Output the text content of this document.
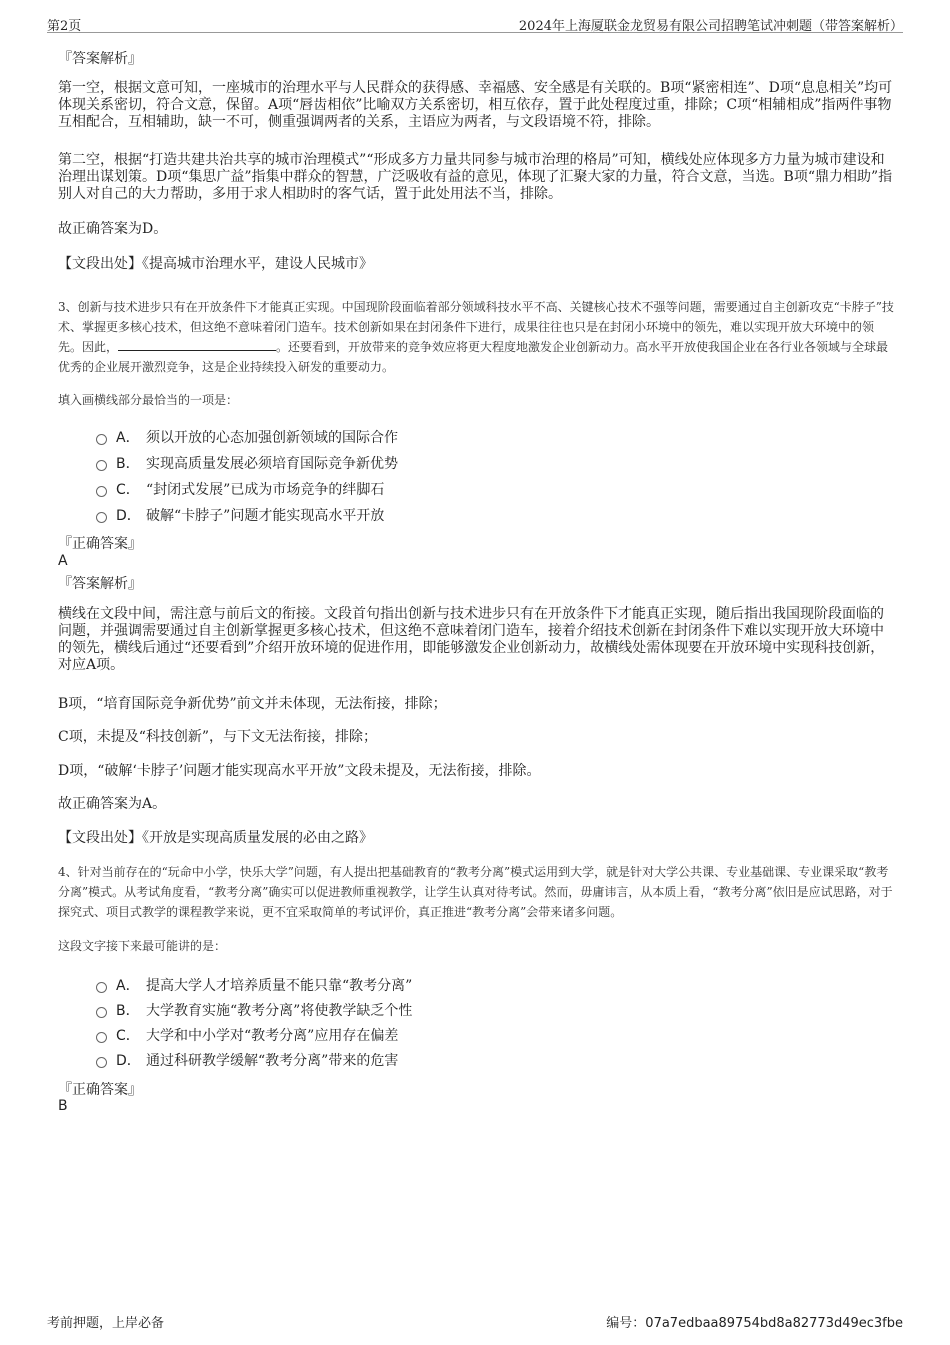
第2页	2024年上海厦联金龙贸易有限公司招聘笔试冲刺题（带答案解析）
『答案解析』
第一空，根据文意可知，一座城市的治理水平与人民群众的获得感、幸福感、安全感是有关联的。B项“紧密相连”、D项“息息相关”均可体现关系密切，符合文意，保留。A项“唇齿相依”比喻双方关系密切，相互依存，置于此处程度过重，排除；C项“相辅相成”指两件事物互相配合，互相辅助，缺一不可，侧重强调两者的关系，主语应为两者，与文段语境不符，排除。
第二空，根据“打造共建共治共享的城市治理模式”“形成多方力量共同参与城市治理的格局”可知，横线处应体现多方力量为城市建设和治理出谋划策。D项“集思广益”指集中群众的智慧，广泛吸收有益的意见，体现了汇聚大家的力量，符合文意，当选。B项“鼎力相助”指别人对自己的大力帮助，多用于求人相助时的客气话，置于此处用法不当，排除。
故正确答案为D。
【文段出处】《提高城市治理水平，建设人民城市》
3、创新与技术进步只有在开放条件下才能真正实现。中国现阶段面临着部分领域科技水平不高、关键核心技术不强等问题，需要通过自主创新攻克“卡脖子”技术、掌握更多核心技术，但这绝不意味着闭门造车。技术创新如果在封闭条件下进行，成果往往也只是在封闭小环境中的领先，难以实现开放大环境中的领先。因此，	。还要看到，开放带来的竞争效应将更大程度地激发企业创新动力。高水平开放使我国企业在各行业各领域与全球最优秀的企业展开激烈竞争，这是企业持续投入研发的重要动力。
填入画横线部分最恰当的一项是：
A． 须以开放的心态加强创新领域的国际合作
B． 实现高质量发展必须培育国际竞争新优势
C． “封闭式发展”已成为市场竞争的绊脚石
D． 破解“卡脖子”问题才能实现高水平开放
『正确答案』
A
『答案解析』
横线在文段中间，需注意与前后文的衔接。文段首句指出创新与技术进步只有在开放条件下才能真正实现，随后指出我国现阶段面临的问题，并强调需要通过自主创新掌握更多核心技术，但这绝不意味着闭门造车，接着介绍技术创新在封闭条件下难以实现开放大环境中的领先，横线后通过“还要看到”介绍开放环境的促进作用，即能够激发企业创新动力，故横线处需体现要在开放环境中实现科技创新，对应A项。
B项，“培育国际竞争新优势”前文并未体现，无法衔接，排除；
C项，未提及“科技创新”，与下文无法衔接，排除；
D项，“破解‘卡脖子’问题才能实现高水平开放”文段未提及，无法衔接，排除。
故正确答案为A。
【文段出处】《开放是实现高质量发展的必由之路》
4、针对当前存在的“玩命中小学，快乐大学”问题，有人提出把基础教育的“教考分离”模式运用到大学，就是针对大学公共课、专业基础课、专业课采取“教考分离”模式。从考试角度看，“教考分离”确实可以促进教师重视教学，让学生认真对待考试。然而，毋庸讳言，从本质上看，“教考分离”依旧是应试思路，对于探究式、项目式教学的课程教学来说，更不宜采取简单的考试评价，真正推进“教考分离”会带来诸多问题。
这段文字接下来最可能讲的是：
A． 提高大学人才培养质量不能只靠“教考分离”
B． 大学教育实施“教考分离”将使教学缺乏个性
C． 大学和中小学对“教考分离”应用存在偏差
D． 通过科研教学缓解“教考分离”带来的危害
『正确答案』
B
考前押题，上岸必备	编号：07a7edbaa89754bd8a82773d49ec3fbe
